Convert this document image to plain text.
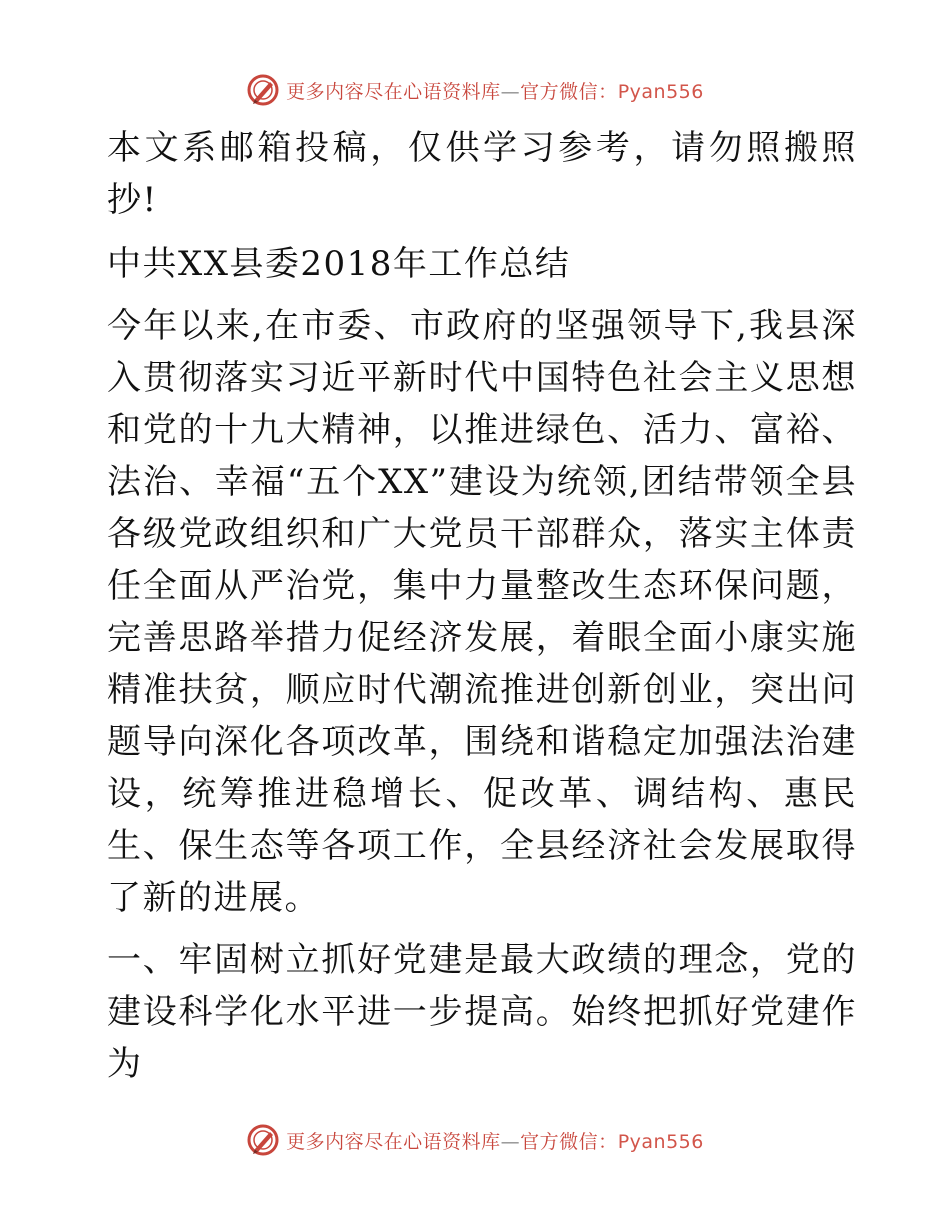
更多内容尽在心语资料库—官方微信：Pyan556

本文系邮箱投稿，仅供学习参考，请勿照搬照抄!

中共XX县委2018年工作总结

今年以来,在市委、市政府的坚强领导下,我县深入贯彻落实习近平新时代中国特色社会主义思想和党的十九大精神，以推进绿色、活力、富裕、法治、幸福“五个XX”建设为统领,团结带领全县各级党政组织和广大党员干部群众，落实主体责任全面从严治党，集中力量整改生态环保问题，完善思路举措力促经济发展，着眼全面小康实施精准扶贫，顺应时代潮流推进创新创业，突出问题导向深化各项改革，围绕和谐稳定加强法治建设，统筹推进稳增长、促改革、调结构、惠民生、保生态等各项工作，全县经济社会发展取得了新的进展。

一、牢固树立抓好党建是最大政绩的理念，党的建设科学化水平进一步提高。始终把抓好党建作为

更多内容尽在心语资料库—官方微信：Pyan556
